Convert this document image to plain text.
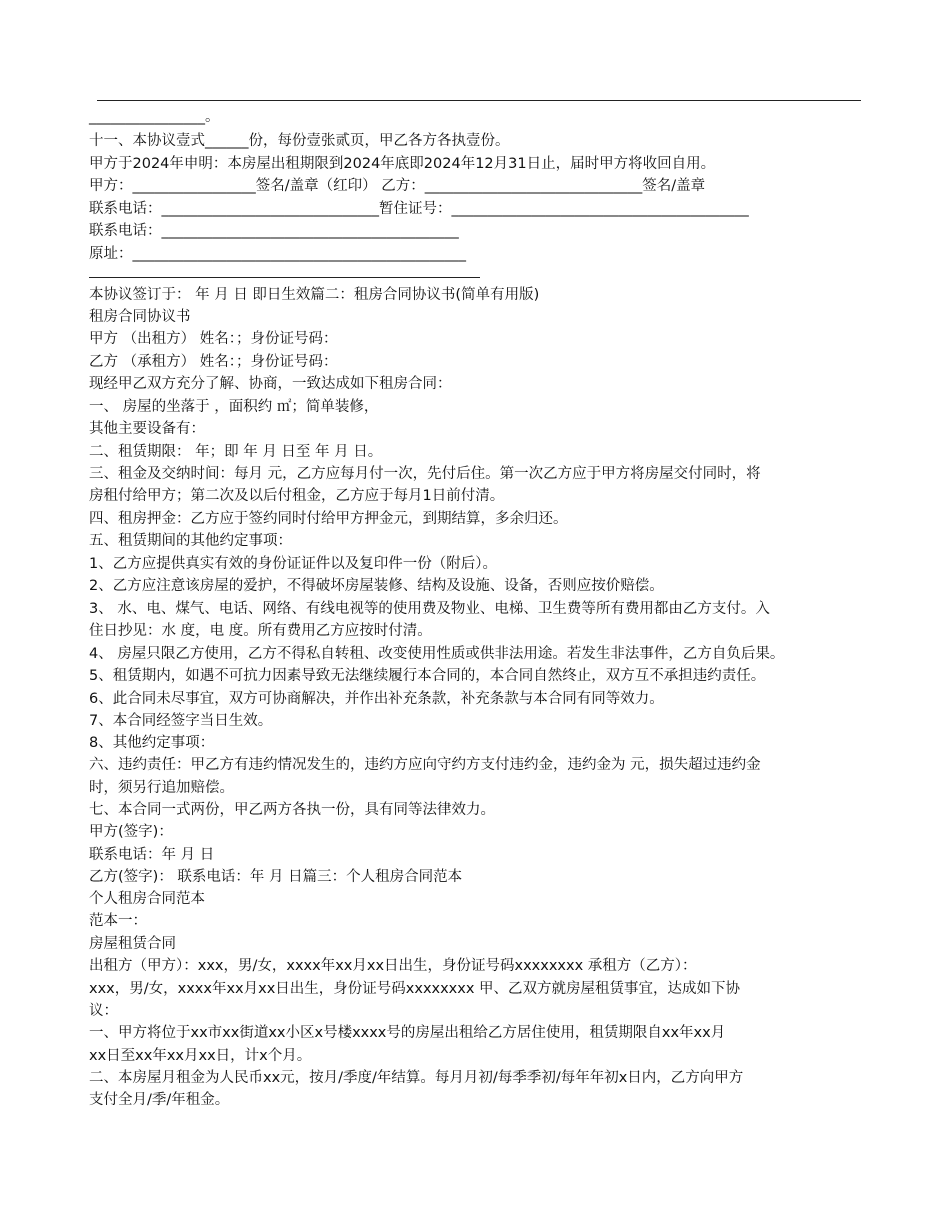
________________。
十一、本协议壹式______份，每份壹张贰页，甲乙各方各执壹份。
甲方于2024年申明：本房屋出租期限到2024年底即2024年12月31日止，届时甲方将收回自用。
甲方：_________________签名/盖章（红印） 乙方：______________________________签名/盖章
联系电话：______________________________暂住证号：_________________________________________
联系电话：_________________________________________
原址：______________________________________________
本协议签订于： 年 月 日 即日生效篇二：租房合同协议书(简单有用版)
租房合同协议书
甲方 （出租方） 姓名：；身份证号码：
乙方 （承租方） 姓名：；身份证号码：
现经甲乙双方充分了解、协商，一致达成如下租房合同：
一、 房屋的坐落于 ，面积约 ㎡；简单装修，
其他主要设备有：
二、租赁期限： 年；即 年 月 日至 年 月 日。
三、租金及交纳时间：每月 元，乙方应每月付一次，先付后住。第一次乙方应于甲方将房屋交付同时，将
房租付给甲方；第二次及以后付租金，乙方应于每月1日前付清。
四、租房押金：乙方应于签约同时付给甲方押金元，到期结算，多余归还。
五、租赁期间的其他约定事项：
1、乙方应提供真实有效的身份证证件以及复印件一份（附后）。
2、乙方应注意该房屋的爱护，不得破坏房屋装修、结构及设施、设备，否则应按价赔偿。
3、 水、电、煤气、电话、网络、有线电视等的使用费及物业、电梯、卫生费等所有费用都由乙方支付。入
住日抄见：水 度，电 度。所有费用乙方应按时付清。
4、 房屋只限乙方使用，乙方不得私自转租、改变使用性质或供非法用途。若发生非法事件，乙方自负后果。
5、租赁期内，如遇不可抗力因素导致无法继续履行本合同的，本合同自然终止，双方互不承担违约责任。
6、此合同未尽事宜，双方可协商解决，并作出补充条款，补充条款与本合同有同等效力。
7、本合同经签字当日生效。
8、其他约定事项：
六、违约责任：甲乙方有违约情况发生的，违约方应向守约方支付违约金，违约金为 元，损失超过违约金
时，须另行追加赔偿。
七、本合同一式两份，甲乙两方各执一份，具有同等法律效力。
甲方(签字)：
联系电话：年 月 日
乙方(签字)： 联系电话：年 月 日篇三：个人租房合同范本
个人租房合同范本
范本一：
房屋租赁合同
出租方（甲方）：xxx，男/女，xxxx年xx月xx日出生，身份证号码xxxxxxxx 承租方（乙方）：
xxx，男/女，xxxx年xx月xx日出生，身份证号码xxxxxxxx 甲、乙双方就房屋租赁事宜，达成如下协
议：
一、甲方将位于xx市xx街道xx小区x号楼xxxx号的房屋出租给乙方居住使用，租赁期限自xx年xx月
xx日至xx年xx月xx日，计x个月。
二、本房屋月租金为人民币xx元，按月/季度/年结算。每月月初/每季季初/每年年初x日内，乙方向甲方
支付全月/季/年租金。
